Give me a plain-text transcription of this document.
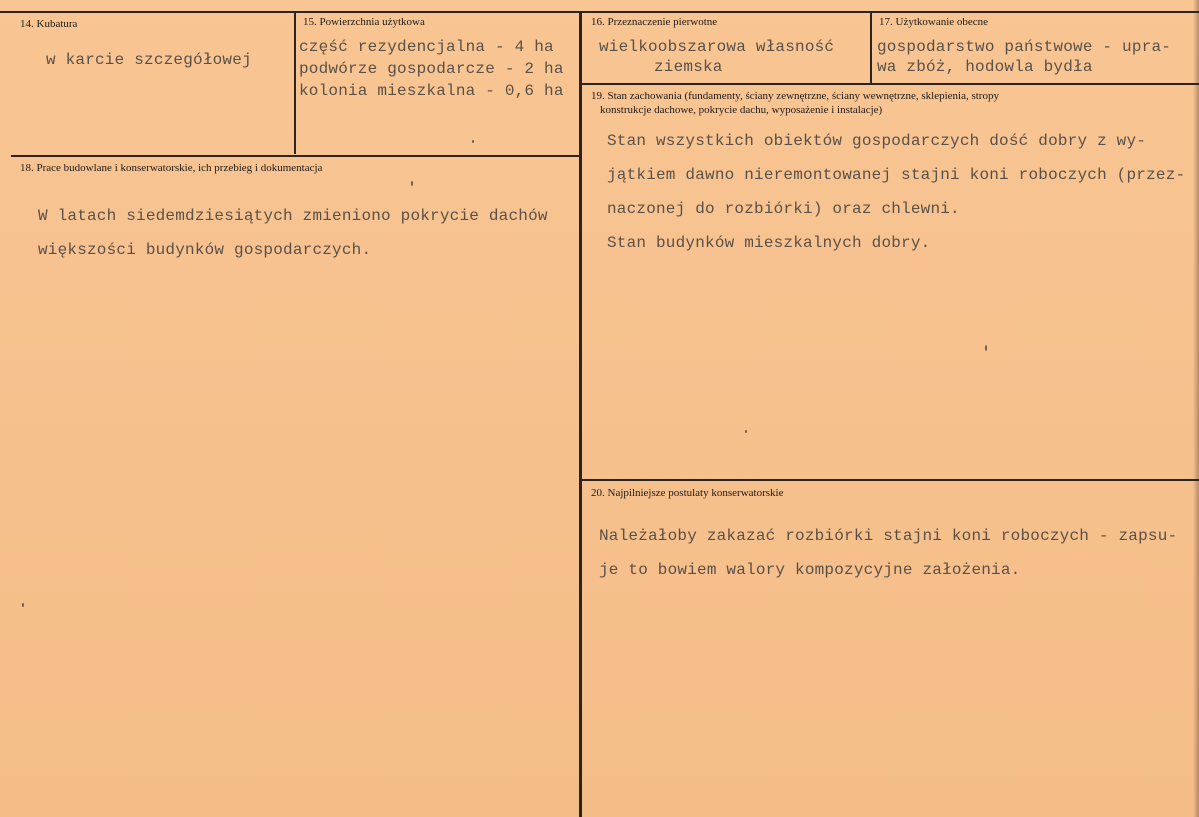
14. Kubatura
w karcie szczegółowej
15. Powierzchnia użytkowa
część rezydencjalna - 4 ha
podwórze gospodarcze - 2 ha
kolonia mieszkalna - 0,6 ha
16. Przeznaczenie pierwotne
wielkoobszarowa własność
ziemska
17. Użytkowanie obecne
gospodarstwo państwowe - upra-
wa zbóż, hodowla bydła
18. Prace budowlane i konserwatorskie, ich przebieg i dokumentacja
W latach siedemdziesiątych zmieniono pokrycie dachów
większości budynków gospodarczych.
19. Stan zachowania (fundamenty, ściany zewnętrzne, ściany wewnętrzne, sklepienia, stropy
konstrukcje dachowe, pokrycie dachu, wyposażenie i instalacje)
Stan wszystkich obiektów gospodarczych dość dobry z wy-
jątkiem dawno nieremontowanej stajni koni roboczych (przez-
naczonej do rozbiórki) oraz chlewni.
Stan budynków mieszkalnych dobry.
20. Najpilniejsze postulaty konserwatorskie
Należałoby zakazać rozbiórki stajni koni roboczych - zapsu-
je to bowiem walory kompozycyjne założenia.
